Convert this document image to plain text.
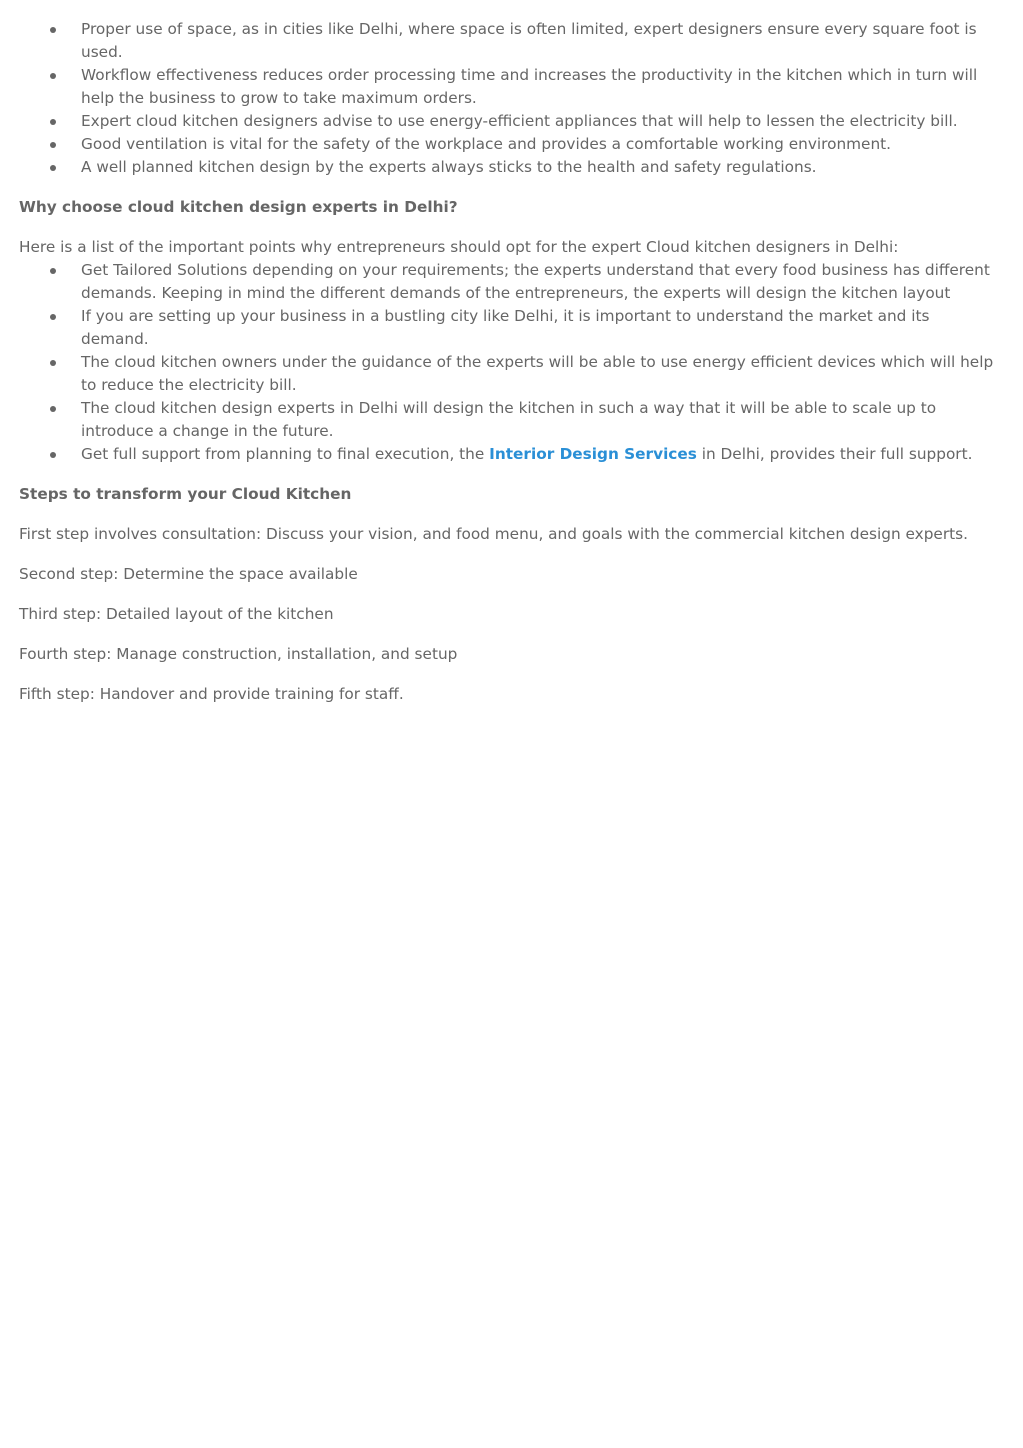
Proper use of space, as in cities like Delhi, where space is often limited, expert designers ensure every square foot is used.
Workflow effectiveness reduces order processing time and increases the productivity in the kitchen which in turn will help the business to grow to take maximum orders.
Expert cloud kitchen designers advise to use energy-efficient appliances that will help to lessen the electricity bill.
Good ventilation is vital for the safety of the workplace and provides a comfortable working environment.
A well planned kitchen design by the experts always sticks to the health and safety regulations.

Why choose cloud kitchen design experts in Delhi?

Here is a list of the important points why entrepreneurs should opt for the expert Cloud kitchen designers in Delhi:

Get Tailored Solutions depending on your requirements; the experts understand that every food business has different demands. Keeping in mind the different demands of the entrepreneurs, the experts will design the kitchen layout
If you are setting up your business in a bustling city like Delhi, it is important to understand the market and its demand.
The cloud kitchen owners under the guidance of the experts will be able to use energy efficient devices which will help to reduce the electricity bill.
The cloud kitchen design experts in Delhi will design the kitchen in such a way that it will be able to scale up to introduce a change in the future.
Get full support from planning to final execution, the Interior Design Services in Delhi, provides their full support.

Steps to transform your Cloud Kitchen

First step involves consultation: Discuss your vision, and food menu, and goals with the commercial kitchen design experts.

Second step: Determine the space available

Third step: Detailed layout of the kitchen

Fourth step: Manage construction, installation, and setup

Fifth step: Handover and provide training for staff.
